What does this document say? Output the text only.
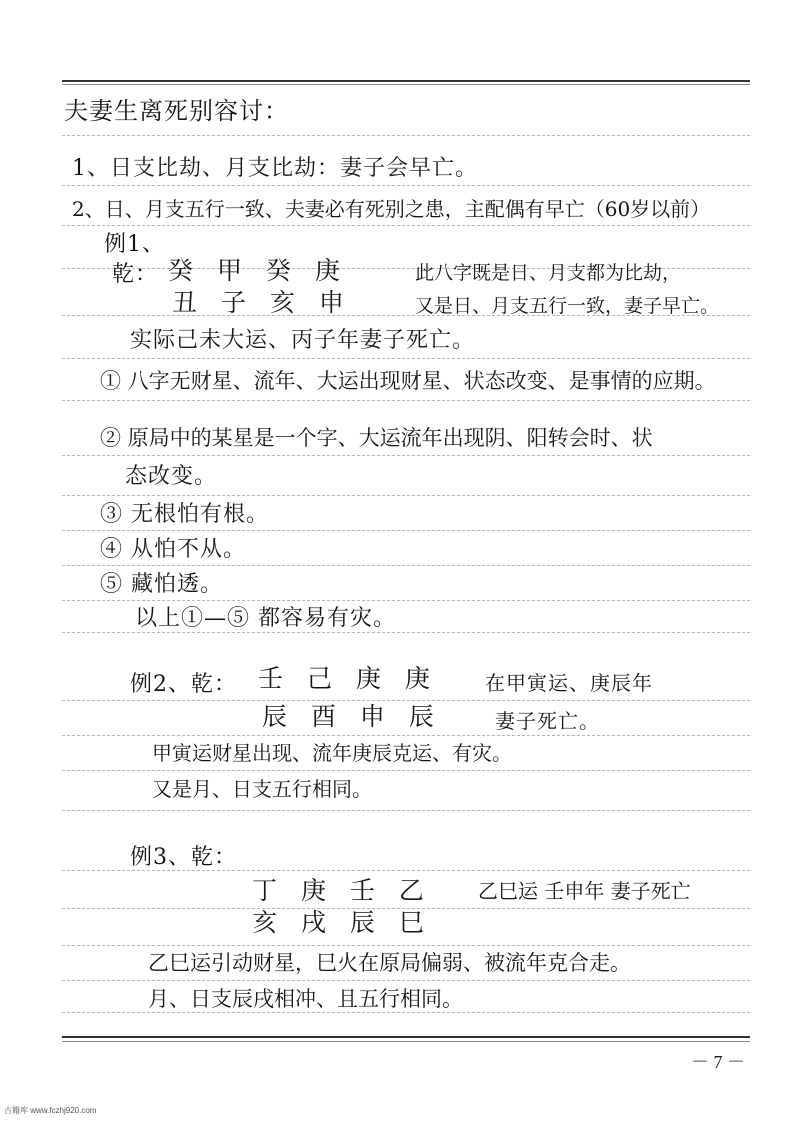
夫妻生离死别容讨：
1、日支比劫、月支比劫：妻子会早亡。
2、日、月支五行一致、夫妻必有死别之患，主配偶有早亡（60岁以前）
例1、
乾： 癸 甲 癸 庚
丑 子 亥 申
此八字既是日、月支都为比劫，
又是日、月支五行一致，妻子早亡。
实际己未大运、丙子年妻子死亡。
① 八字无财星、流年、大运出现财星、状态改变、是事情的应期。
② 原局中的某星是一个字、大运流年出现阴、阳转会时、状
态改变。
③ 无根怕有根。
④ 从怕不从。
⑤ 藏怕透。
以上①—⑤ 都容易有灾。
例2、乾： 壬 己 庚 庚
辰 酉 申 辰
在甲寅运、庚辰年
妻子死亡。
甲寅运财星出现、流年庚辰克运、有灾。
又是月、日支五行相同。
例3、乾：
丁 庚 壬 乙
亥 戌 辰 巳
乙巳运 壬申年 妻子死亡
乙巳运引动财星，巳火在原局偏弱、被流年克合走。
月、日支辰戌相冲、且五行相同。
－ 7 －
古籍库 www.fczhj920.com
